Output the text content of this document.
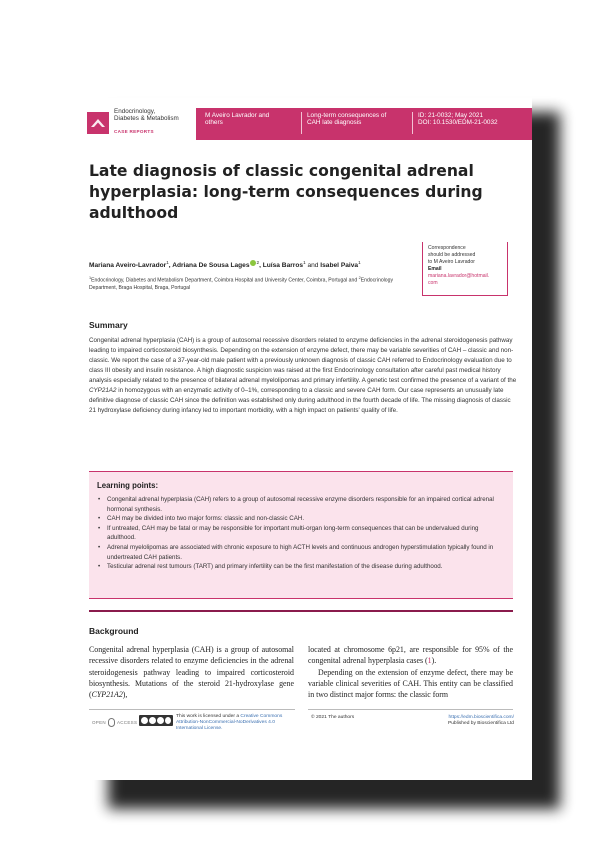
Endocrinology,
Diabetes & Metabolism
CASE REPORTS
M Aveiro Lavrador and
others
Long-term consequences of
CAH late diagnosis
ID: 21-0032; May 2021
DOI: 10.1530/EDM-21-0032
Late diagnosis of classic congenital adrenal hyperplasia: long-term consequences during adulthood
Mariana Aveiro-Lavrador$^1$, Adriana De Sousa Lages $^2$, Luísa Barros$^1$ and Isabel Paiva$^1$
$^1$Endocrinology, Diabetes and Metabolism Department, Coimbra Hospital and University Center, Coimbra, Portugal and $^2$Endocrinology Department, Braga Hospital, Braga, Portugal
Correspondence
should be addressed
to M Aveiro Lavrador
Email
mariana.lavrador@hotmail.
com
Summary

Congenital adrenal hyperplasia (CAH) is a group of autosomal recessive disorders related to enzyme deficiencies in the adrenal steroidogenesis pathway leading to impaired corticosteroid biosynthesis. Depending on the extension of enzyme defect, there may be variable severities of CAH – classic and non-classic. We report the case of a 37-year-old male patient with a previously unknown diagnosis of classic CAH referred to Endocrinology evaluation due to class III obesity and insulin resistance. A high diagnostic suspicion was raised at the first Endocrinology consultation after careful past medical history analysis especially related to the presence of bilateral adrenal myelolipomas and primary infertility. A genetic test confirmed the presence of a variant of the CYP21A2 in homozygous with an enzymatic activity of 0–1%, corresponding to a classic and severe CAH form. Our case represents an unusually late definitive diagnose of classic CAH since the definition was established only during adulthood in the fourth decade of life. The missing diagnosis of classic 21 hydroxylase deficiency during infancy led to important morbidity, with a high impact on patients' quality of life.

Learning points:
• Congenital adrenal hyperplasia (CAH) refers to a group of autosomal recessive enzyme disorders responsible for an impaired cortical adrenal hormonal synthesis.
• CAH may be divided into two major forms: classic and non-classic CAH.
• If untreated, CAH may be fatal or may be responsible for important multi-organ long-term consequences that can be undervalued during adulthood.
• Adrenal myelolipomas are associated with chronic exposure to high ACTH levels and continuous androgen hyperstimulation typically found in undertreated CAH patients.
• Testicular adrenal rest tumours (TART) and primary infertility can be the first manifestation of the disease during adulthood.
Background

Congenital adrenal hyperplasia (CAH) is a group of autosomal recessive disorders related to enzyme deficiencies in the adrenal steroidogenesis pathway leading to impaired corticosteroid biosynthesis. Mutations of the steroid 21-hydroxylase gene (CYP21A2),

located at chromosome 6p21, are responsible for 95% of the congenital adrenal hyperplasia cases (1).
Depending on the extension of enzyme defect, there may be variable clinical severities of CAH. This entity can be classified in two distinct major forms: the classic form
OPEN ACCESS
This work is licensed under a Creative Commons Attribution-NonCommercial-NoDerivatives 4.0 International License.
© 2021 The authors	https://edm.bioscientifica.com/
Published by Bioscientifica Ltd
